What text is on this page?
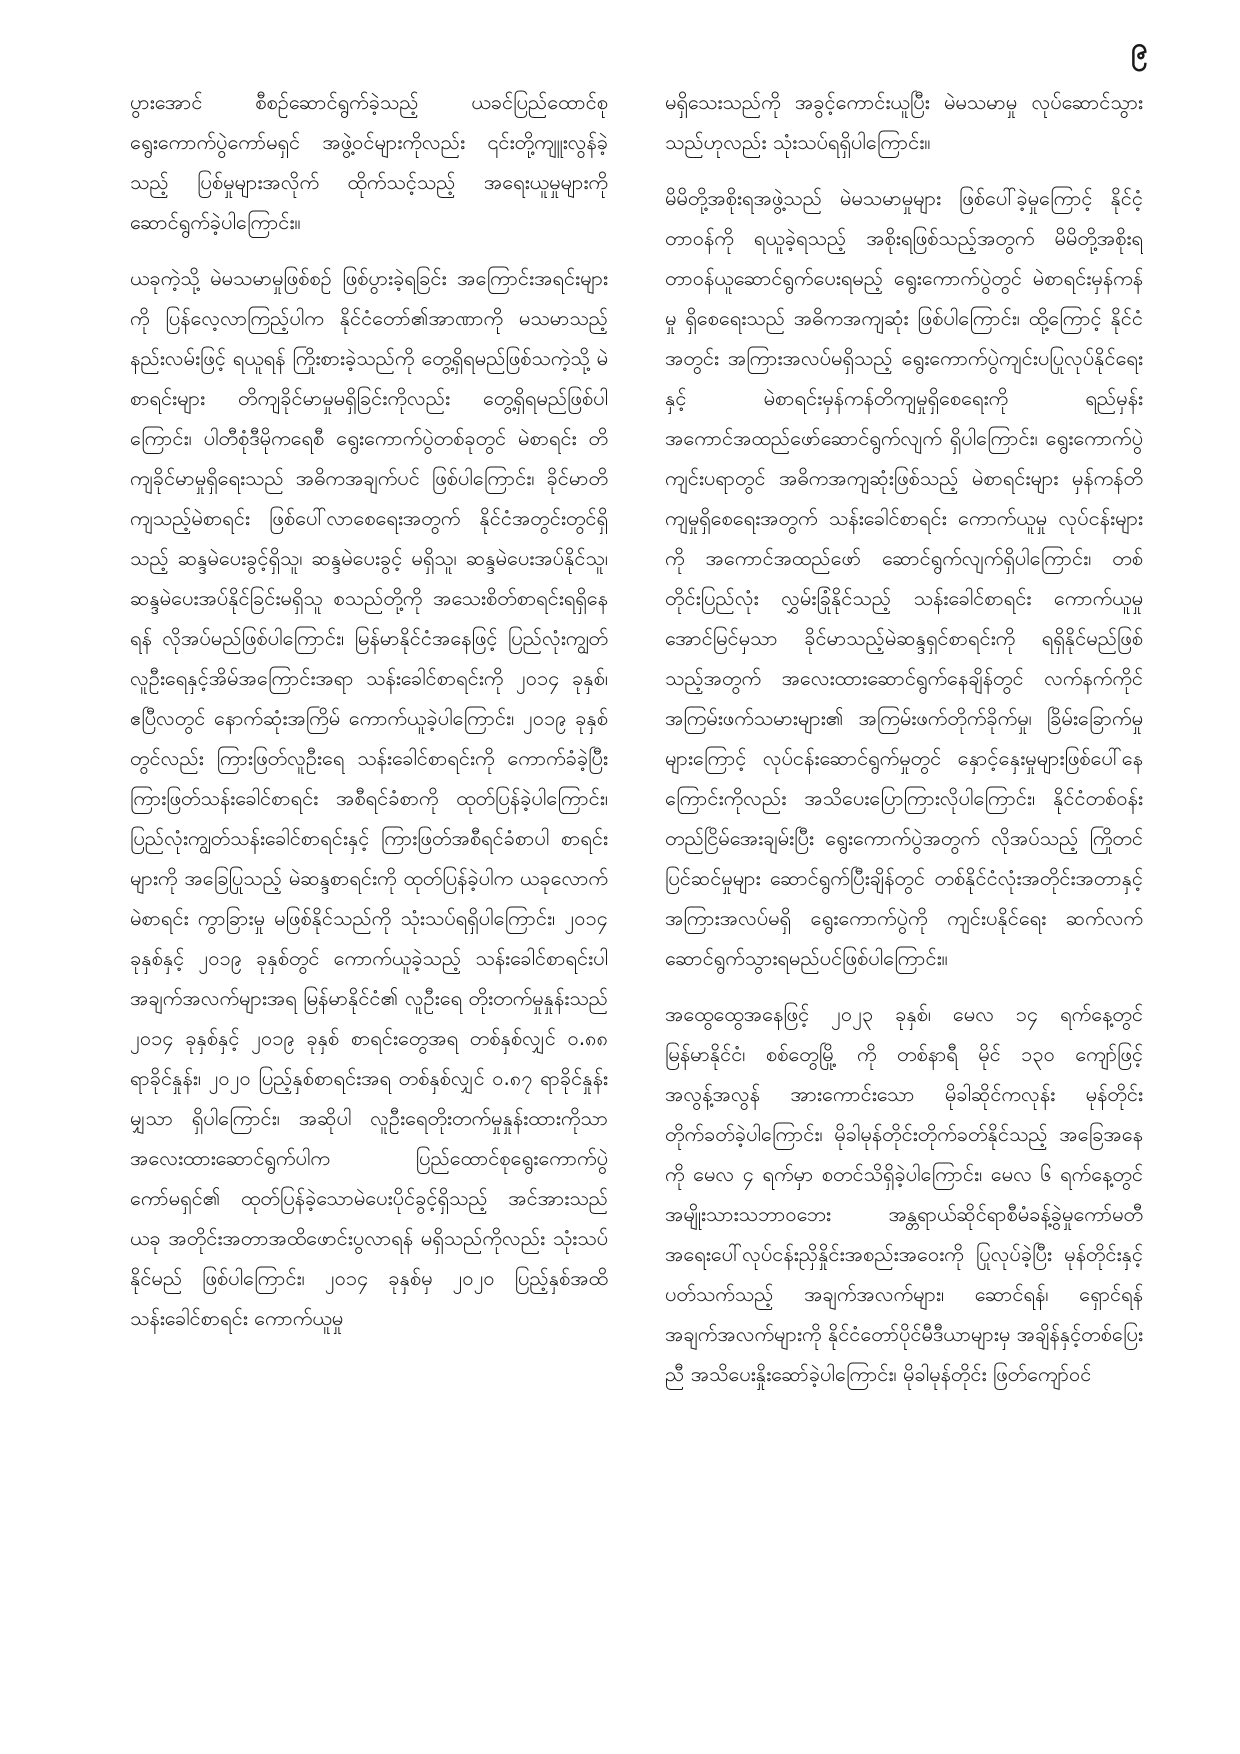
၉

ပွားအောင် စီစဉ်ဆောင်ရွက်ခဲ့သည့် ယခင်ပြည်ထောင်စုရွေးကောက်ပွဲကော်မရှင် အဖွဲ့ဝင်များကိုလည်း ၎င်းတို့ကျူးလွန်ခဲ့သည့် ပြစ်မှုများအလိုက် ထိုက်သင့်သည့် အရေးယူမှုများကို ဆောင်ရွက်ခဲ့ပါကြောင်း။

ယခုကဲ့သို့ မဲမသမာမှုဖြစ်စဉ် ဖြစ်ပွားခဲ့ရခြင်း အကြောင်းအရင်းများကို ပြန်လေ့လာကြည့်ပါက နိုင်ငံတော်၏အာဏာကို မသမာသည့်နည်းလမ်းဖြင့် ရယူရန် ကြိုးစားခဲ့သည်ကို တွေ့ရှိရမည်ဖြစ်သကဲ့သို့ မဲစာရင်းများ တိကျခိုင်မာမှုမရှိခြင်းကိုလည်း တွေ့ရှိရမည်ဖြစ်ပါကြောင်း၊ ပါတီစုံဒီမိုကရေစီ ရွေးကောက်ပွဲတစ်ခုတွင် မဲစာရင်း တိကျခိုင်မာမှုရှိရေးသည် အဓိကအချက်ပင် ဖြစ်ပါကြောင်း၊ ခိုင်မာတိကျသည့်မဲစာရင်း ဖြစ်ပေါ်လာစေရေးအတွက် နိုင်ငံအတွင်းတွင်ရှိသည့် ဆန္ဒမဲပေးခွင့်ရှိသူ၊ ဆန္ဒမဲပေးခွင့် မရှိသူ၊ ဆန္ဒမဲပေးအပ်နိုင်သူ၊ ဆန္ဒမဲပေးအပ်နိုင်ခြင်းမရှိသူ စသည်တို့ကို အသေးစိတ်စာရင်းရရှိနေရန် လိုအပ်မည်ဖြစ်ပါကြောင်း၊ မြန်မာနိုင်ငံအနေဖြင့် ပြည်လုံးကျွတ် လူဦးရေနှင့်အိမ်အကြောင်းအရာ သန်းခေါင်စာရင်းကို ၂၀၁၄ ခုနှစ်၊ ဧပြီလတွင် နောက်ဆုံးအကြိမ် ကောက်ယူခဲ့ပါကြောင်း၊ ၂၀၁၉ ခုနှစ်တွင်လည်း ကြားဖြတ်လူဦးရေ သန်းခေါင်စာရင်းကို ကောက်ခံခဲ့ပြီး ကြားဖြတ်သန်းခေါင်စာရင်း အစီရင်ခံစာကို ထုတ်ပြန်ခဲ့ပါကြောင်း၊ ပြည်လုံးကျွတ်သန်းခေါင်စာရင်းနှင့် ကြားဖြတ်အစီရင်ခံစာပါ စာရင်းများကို အခြေပြုသည့် မဲဆန္ဒစာရင်းကို ထုတ်ပြန်ခဲ့ပါက ယခုလောက် မဲစာရင်း ကွာခြားမှု မဖြစ်နိုင်သည်ကို သုံးသပ်ရရှိပါကြောင်း၊ ၂၀၁၄ ခုနှစ်နှင့် ၂၀၁၉ ခုနှစ်တွင် ကောက်ယူခဲ့သည့် သန်းခေါင်စာရင်းပါ အချက်အလက်များအရ မြန်မာနိုင်ငံ၏ လူဦးရေ တိုးတက်မှုနှုန်းသည် ၂၀၁၄ ခုနှစ်နှင့် ၂၀၁၉ ခုနှစ် စာရင်းတွေအရ တစ်နှစ်လျှင် ၀.၈၈ ရာခိုင်နှုန်း၊ ၂၀၂၀ ပြည့်နှစ်စာရင်းအရ တစ်နှစ်လျှင် ၀.၈၇ ရာခိုင်နှုန်းမျှသာ ရှိပါကြောင်း၊ အဆိုပါ လူဦးရေတိုးတက်မှုနှုန်းထားကိုသာ အလေးထားဆောင်ရွက်ပါက ပြည်ထောင်စုရွေးကောက်ပွဲကော်မရှင်၏ ထုတ်ပြန်ခဲ့သောမဲပေးပိုင်ခွင့်ရှိသည့် အင်အားသည် ယခု အတိုင်းအတာအထိဖောင်းပွလာရန် မရှိသည်ကိုလည်း သုံးသပ်နိုင်မည် ဖြစ်ပါကြောင်း၊ ၂၀၁၄ ခုနှစ်မှ ၂၀၂၀ ပြည့်နှစ်အထိ သန်းခေါင်စာရင်း ကောက်ယူမှု

မရှိသေးသည်ကို အခွင့်ကောင်းယူပြီး မဲမသမာမှု လုပ်ဆောင်သွားသည်ဟုလည်း သုံးသပ်ရရှိပါကြောင်း။

မိမိတို့အစိုးရအဖွဲ့သည် မဲမသမာမှုများ ဖြစ်ပေါ်ခဲ့မှုကြောင့် နိုင်ငံ့တာဝန်ကို ရယူခဲ့ရသည့် အစိုးရဖြစ်သည့်အတွက် မိမိတို့အစိုးရ တာဝန်ယူဆောင်ရွက်ပေးရမည့် ရွေးကောက်ပွဲတွင် မဲစာရင်းမှန်ကန်မှု ရှိစေရေးသည် အဓိကအကျဆုံး ဖြစ်ပါကြောင်း၊ ထို့ကြောင့် နိုင်ငံအတွင်း အကြားအလပ်မရှိသည့် ရွေးကောက်ပွဲကျင်းပပြုလုပ်နိုင်ရေး နှင့် မဲစာရင်းမှန်ကန်တိကျမှုရှိစေရေးကို ရည်မှန်းအကောင်အထည်ဖော်ဆောင်ရွက်လျက် ရှိပါကြောင်း၊ ရွေးကောက်ပွဲကျင်းပရာတွင် အဓိကအကျဆုံးဖြစ်သည့် မဲစာရင်းများ မှန်ကန်တိကျမှုရှိစေရေးအတွက် သန်းခေါင်စာရင်း ကောက်ယူမှု လုပ်ငန်းများကို အကောင်အထည်ဖော် ဆောင်ရွက်လျက်ရှိပါကြောင်း၊ တစ်တိုင်းပြည်လုံး လွှမ်းခြုံနိုင်သည့် သန်းခေါင်စာရင်း ကောက်ယူမှုအောင်မြင်မှသာ ခိုင်မာသည့်မဲဆန္ဒရှင်စာရင်းကို ရရှိနိုင်မည်ဖြစ်သည့်အတွက် အလေးထားဆောင်ရွက်နေချိန်တွင် လက်နက်ကိုင် အကြမ်းဖက်သမားများ၏ အကြမ်းဖက်တိုက်ခိုက်မှု၊ ခြိမ်းခြောက်မှုများကြောင့် လုပ်ငန်းဆောင်ရွက်မှုတွင် နှောင့်နှေးမှုများဖြစ်ပေါ်နေကြောင်းကိုလည်း အသိပေးပြောကြားလိုပါကြောင်း၊ နိုင်ငံတစ်ဝန်းတည်ငြိမ်အေးချမ်းပြီး ရွေးကောက်ပွဲအတွက် လိုအပ်သည့် ကြိုတင်ပြင်ဆင်မှုများ ဆောင်ရွက်ပြီးချိန်တွင် တစ်နိုင်ငံလုံးအတိုင်းအတာနှင့် အကြားအလပ်မရှိ ရွေးကောက်ပွဲကို ကျင်းပနိုင်ရေး ဆက်လက်ဆောင်ရွက်သွားရမည်ပင်ဖြစ်ပါကြောင်း။

အထွေထွေအနေဖြင့် ၂၀၂၃ ခုနှစ်၊ မေလ ၁၄ ရက်နေ့တွင် မြန်မာနိုင်ငံ၊ စစ်တွေမြို့ ကို တစ်နာရီ မိုင် ၁၃၀ ကျော်ဖြင့် အလွန့်အလွန် အားကောင်းသော မိုခါဆိုင်ကလုန်း မုန်တိုင်း တိုက်ခတ်ခဲ့ပါကြောင်း၊ မိုခါမုန်တိုင်းတိုက်ခတ်နိုင်သည့် အခြေအနေကို မေလ ၄ ရက်မှာ စတင်သိရှိခဲ့ပါကြောင်း၊ မေလ ၆ ရက်နေ့တွင် အမျိုးသားသဘာဝဘေး အန္တရာယ်ဆိုင်ရာစီမံခန့်ခွဲမှုကော်မတီ အရေးပေါ်လုပ်ငန်းညှိနှိုင်းအစည်းအဝေးကို ပြုလုပ်ခဲ့ပြီး မုန်တိုင်းနှင့်ပတ်သက်သည့် အချက်အလက်များ၊ ဆောင်ရန်၊ ရှောင်ရန် အချက်အလက်များကို နိုင်ငံတော်ပိုင်မီဒီယာများမှ အချိန်နှင့်တစ်ပြေးညီ အသိပေးနှိုးဆော်ခဲ့ပါကြောင်း၊ မိုခါမုန်တိုင်း ဖြတ်ကျော်ဝင်
